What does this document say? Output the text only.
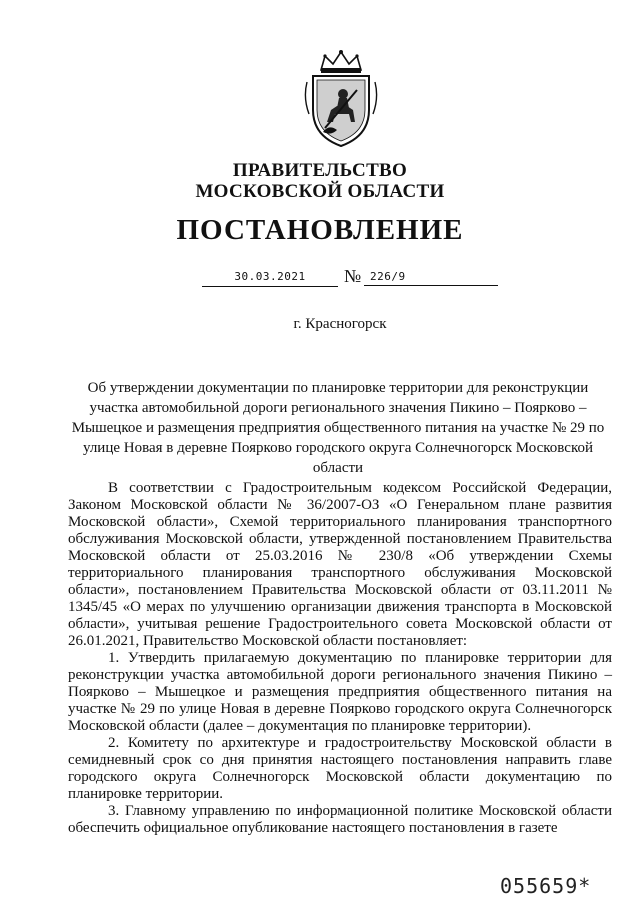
ПРАВИТЕЛЬСТВО
МОСКОВСКОЙ ОБЛАСТИ
ПОСТАНОВЛЕНИЕ
30.03.2021	№ 226/9
г. Красногорск
Об утверждении документации по планировке территории для реконструкции участка автомобильной дороги регионального значения Пикино – Поярково – Мышецкое и размещения предприятия общественного питания на участке № 29 по улице Новая в деревне Поярково городского округа Солнечногорск Московской области

В соответствии с Градостроительным кодексом Российской Федерации, Законом Московской области № 36/2007-ОЗ «О Генеральном плане развития Московской области», Схемой территориального планирования транспортного обслуживания Московской области, утвержденной постановлением Правительства Московской области от 25.03.2016 № 230/8 «Об утверждении Схемы территориального планирования транспортного обслуживания Московской области», постановлением Правительства Московской области от 03.11.2011 № 1345/45 «О мерах по улучшению организации движения транспорта в Московской области», учитывая решение Градостроительного совета Московской области от 26.01.2021, Правительство Московской области постановляет:

1. Утвердить прилагаемую документацию по планировке территории для реконструкции участка автомобильной дороги регионального значения Пикино – Поярково – Мышецкое и размещения предприятия общественного питания на участке № 29 по улице Новая в деревне Поярково городского округа Солнечногорск Московской области (далее – документация по планировке территории).

2. Комитету по архитектуре и градостроительству Московской области в семидневный срок со дня принятия настоящего постановления направить главе городского округа Солнечногорск Московской области документацию по планировке территории.

3. Главному управлению по информационной политике Московской области обеспечить официальное опубликование настоящего постановления в газете

055659*
